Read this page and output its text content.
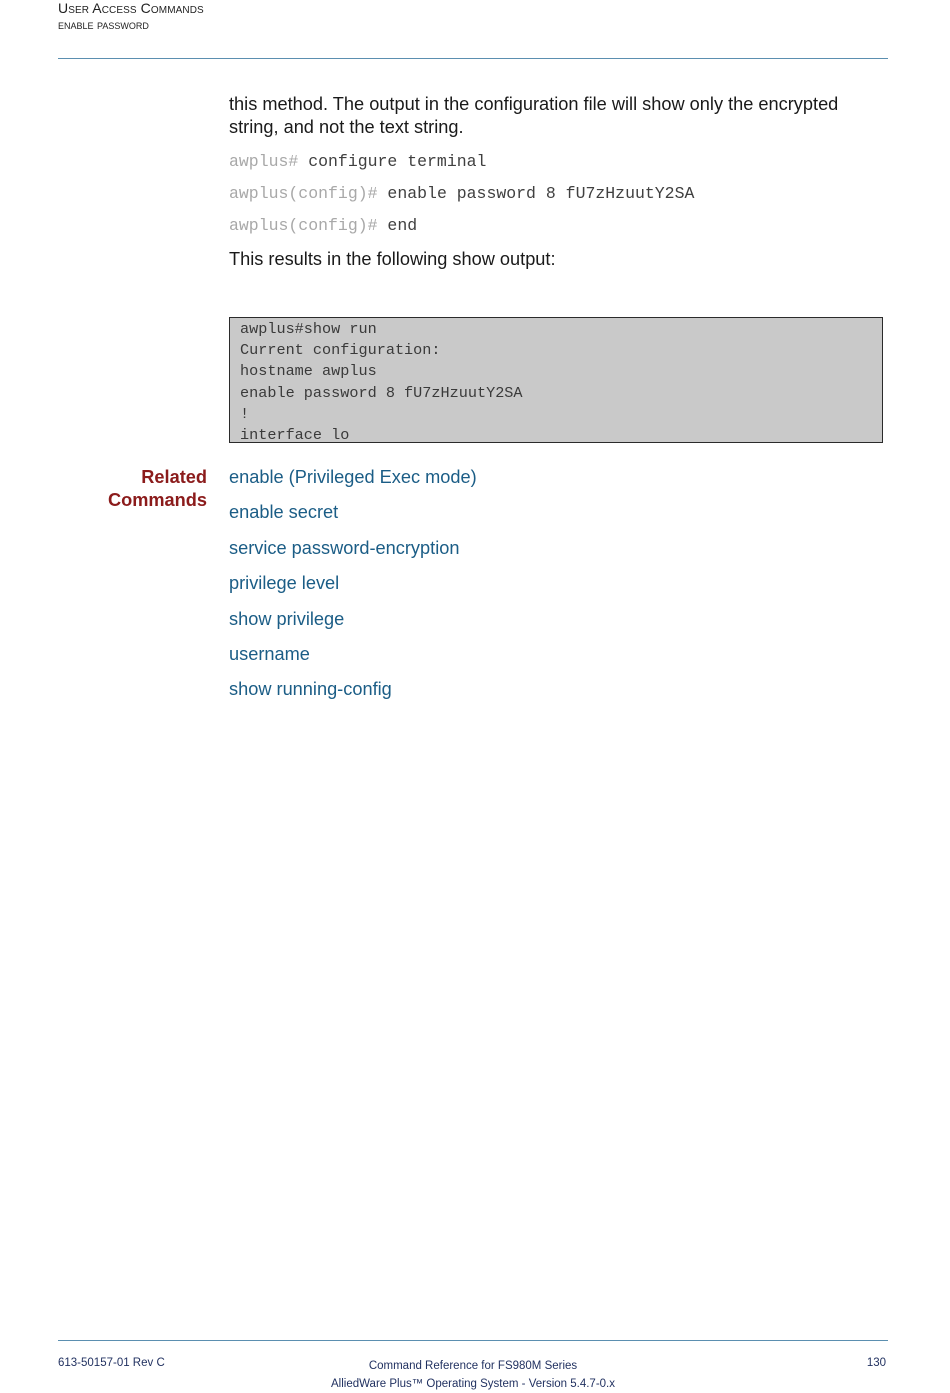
User Access Commands
enable password
this method. The output in the configuration file will show only the encrypted string, and not the text string.
awplus# configure terminal
awplus(config)# enable password 8 fU7zHzuutY2SA
awplus(config)# end
This results in the following show output:
awplus#show run
Current configuration:
hostname awplus
enable password 8 fU7zHzuutY2SA
!
interface lo
Related
Commands
enable (Privileged Exec mode)
enable secret
service password-encryption
privilege level
show privilege
username
show running-config
613-50157-01 Rev C	Command Reference for FS980M Series
AlliedWare Plus™ Operating System - Version 5.4.7-0.x
130
